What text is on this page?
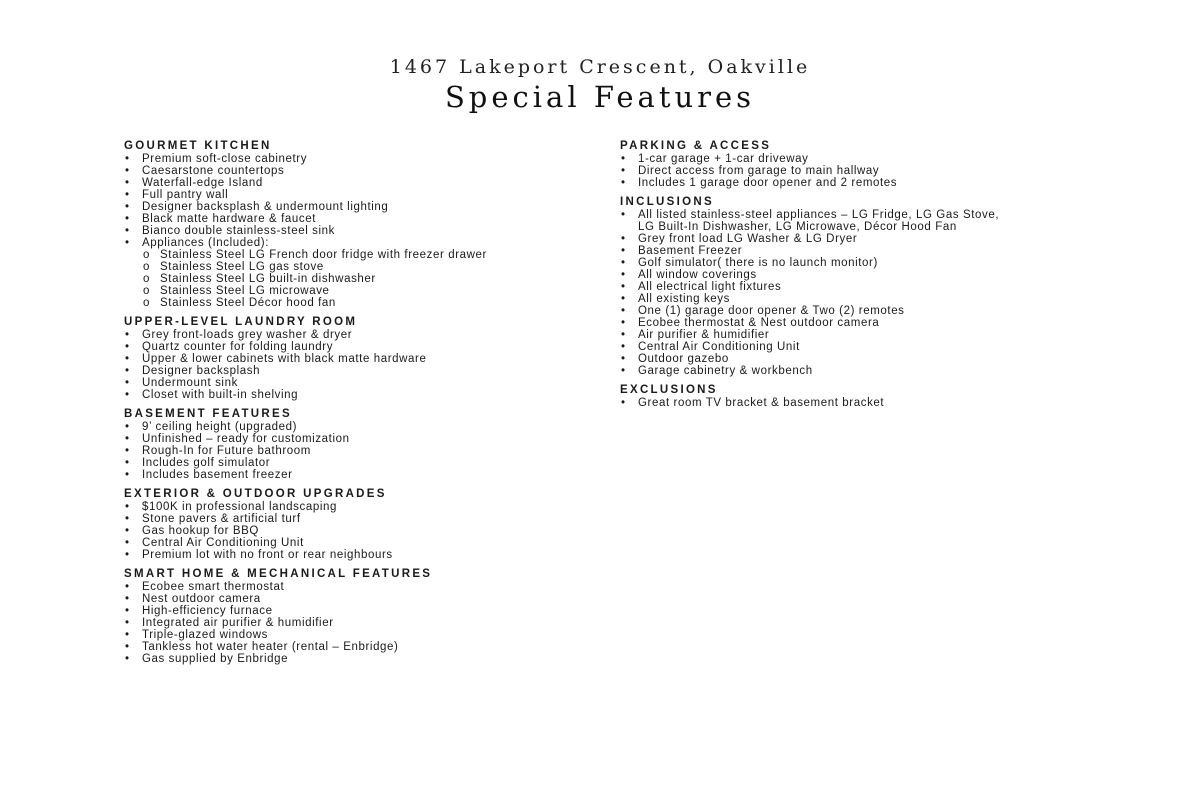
1467 Lakeport Crescent, Oakville
Special Features
GOURMET KITCHEN
• Premium soft-close cabinetry
• Caesarstone countertops
• Waterfall-edge Island
• Full pantry wall
• Designer backsplash & undermount lighting
• Black matte hardware & faucet
• Bianco double stainless-steel sink
• Appliances (Included):
o Stainless Steel LG French door fridge with freezer drawer
o Stainless Steel LG gas stove
o Stainless Steel LG built-in dishwasher
o Stainless Steel LG microwave
o Stainless Steel Décor hood fan
UPPER-LEVEL LAUNDRY ROOM
• Grey front-loads grey washer & dryer
• Quartz counter for folding laundry
• Upper & lower cabinets with black matte hardware
• Designer backsplash
• Undermount sink
• Closet with built-in shelving
BASEMENT FEATURES
• 9’ ceiling height (upgraded)
• Unfinished – ready for customization
• Rough-In for Future bathroom
• Includes golf simulator
• Includes basement freezer
EXTERIOR & OUTDOOR UPGRADES
• $100K in professional landscaping
• Stone pavers & artificial turf
• Gas hookup for BBQ
• Central Air Conditioning Unit
• Premium lot with no front or rear neighbours
SMART HOME & MECHANICAL FEATURES
• Ecobee smart thermostat
• Nest outdoor camera
• High-efficiency furnace
• Integrated air purifier & humidifier
• Triple-glazed windows
• Tankless hot water heater (rental – Enbridge)
• Gas supplied by Enbridge
PARKING & ACCESS
• 1-car garage + 1-car driveway
• Direct access from garage to main hallway
• Includes 1 garage door opener and 2 remotes
INCLUSIONS
• All listed stainless-steel appliances – LG Fridge, LG Gas Stove,
LG Built-In Dishwasher, LG Microwave, Décor Hood Fan
• Grey front load LG Washer & LG Dryer
• Basement Freezer
• Golf simulator( there is no launch monitor)
• All window coverings
• All electrical light fixtures
• All existing keys
• One (1) garage door opener & Two (2) remotes
• Ecobee thermostat & Nest outdoor camera
• Air purifier & humidifier
• Central Air Conditioning Unit
• Outdoor gazebo
• Garage cabinetry & workbench
EXCLUSIONS
• Great room TV bracket & basement bracket
